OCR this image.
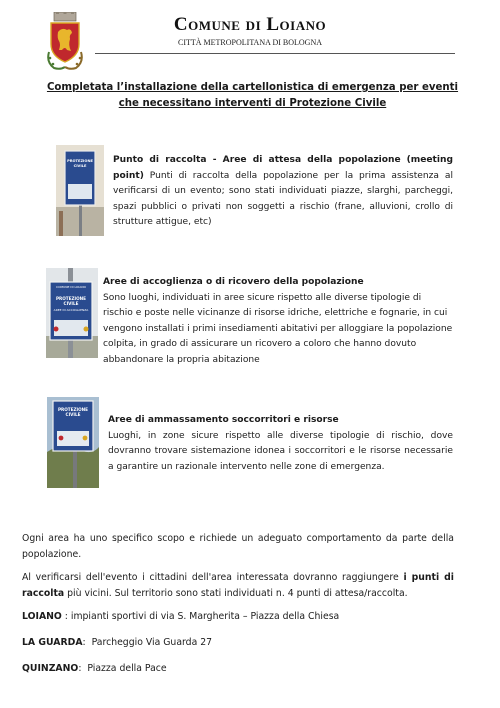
Comune di Loiano
CITTÀ METROPOLITANA DI BOLOGNA
Completata l’installazione della cartellonistica di emergenza per eventi che necessitano interventi di Protezione Civile
PROTEZIONE CIVILE
Punto di raccolta - Aree di attesa della popolazione (meeting point) Punti di raccolta della popolazione per la prima assistenza al verificarsi di un evento; sono stati individuati piazze, slarghi, parcheggi, spazi pubblici o privati non soggetti a rischio (frane, alluvioni, crollo di strutture attigue, etc)
COMUNE DI LOIANO
PROTEZIONE CIVILE
AREE DI ACCOGLIENZA
Aree di accoglienza o di ricovero della popolazione
Sono luoghi, individuati in aree sicure rispetto alle diverse tipologie di rischio e poste nelle vicinanze di risorse idriche, elettriche e fognarie, in cui vengono installati i primi insediamenti abitativi per alloggiare la popolazione colpita, in grado di assicurare un ricovero a coloro che hanno dovuto abbandonare la propria abitazione
PROTEZIONE CIVILE
Aree di ammassamento soccorritori e risorse
Luoghi, in zone sicure rispetto alle diverse tipologie di rischio, dove dovranno trovare sistemazione idonea i soccorritori e le risorse necessarie a garantire un razionale intervento nelle zone di emergenza.
Ogni area ha uno specifico scopo e richiede un adeguato comportamento da parte della popolazione.
Al verificarsi dell'evento i cittadini dell'area interessata dovranno raggiungere i punti di raccolta più vicini. Sul territorio sono stati individuati n. 4 punti di attesa/raccolta.
LOIANO : impianti sportivi di via S. Margherita – Piazza della Chiesa
LA GUARDA:  Parcheggio Via Guarda 27
QUINZANO:  Piazza della Pace
